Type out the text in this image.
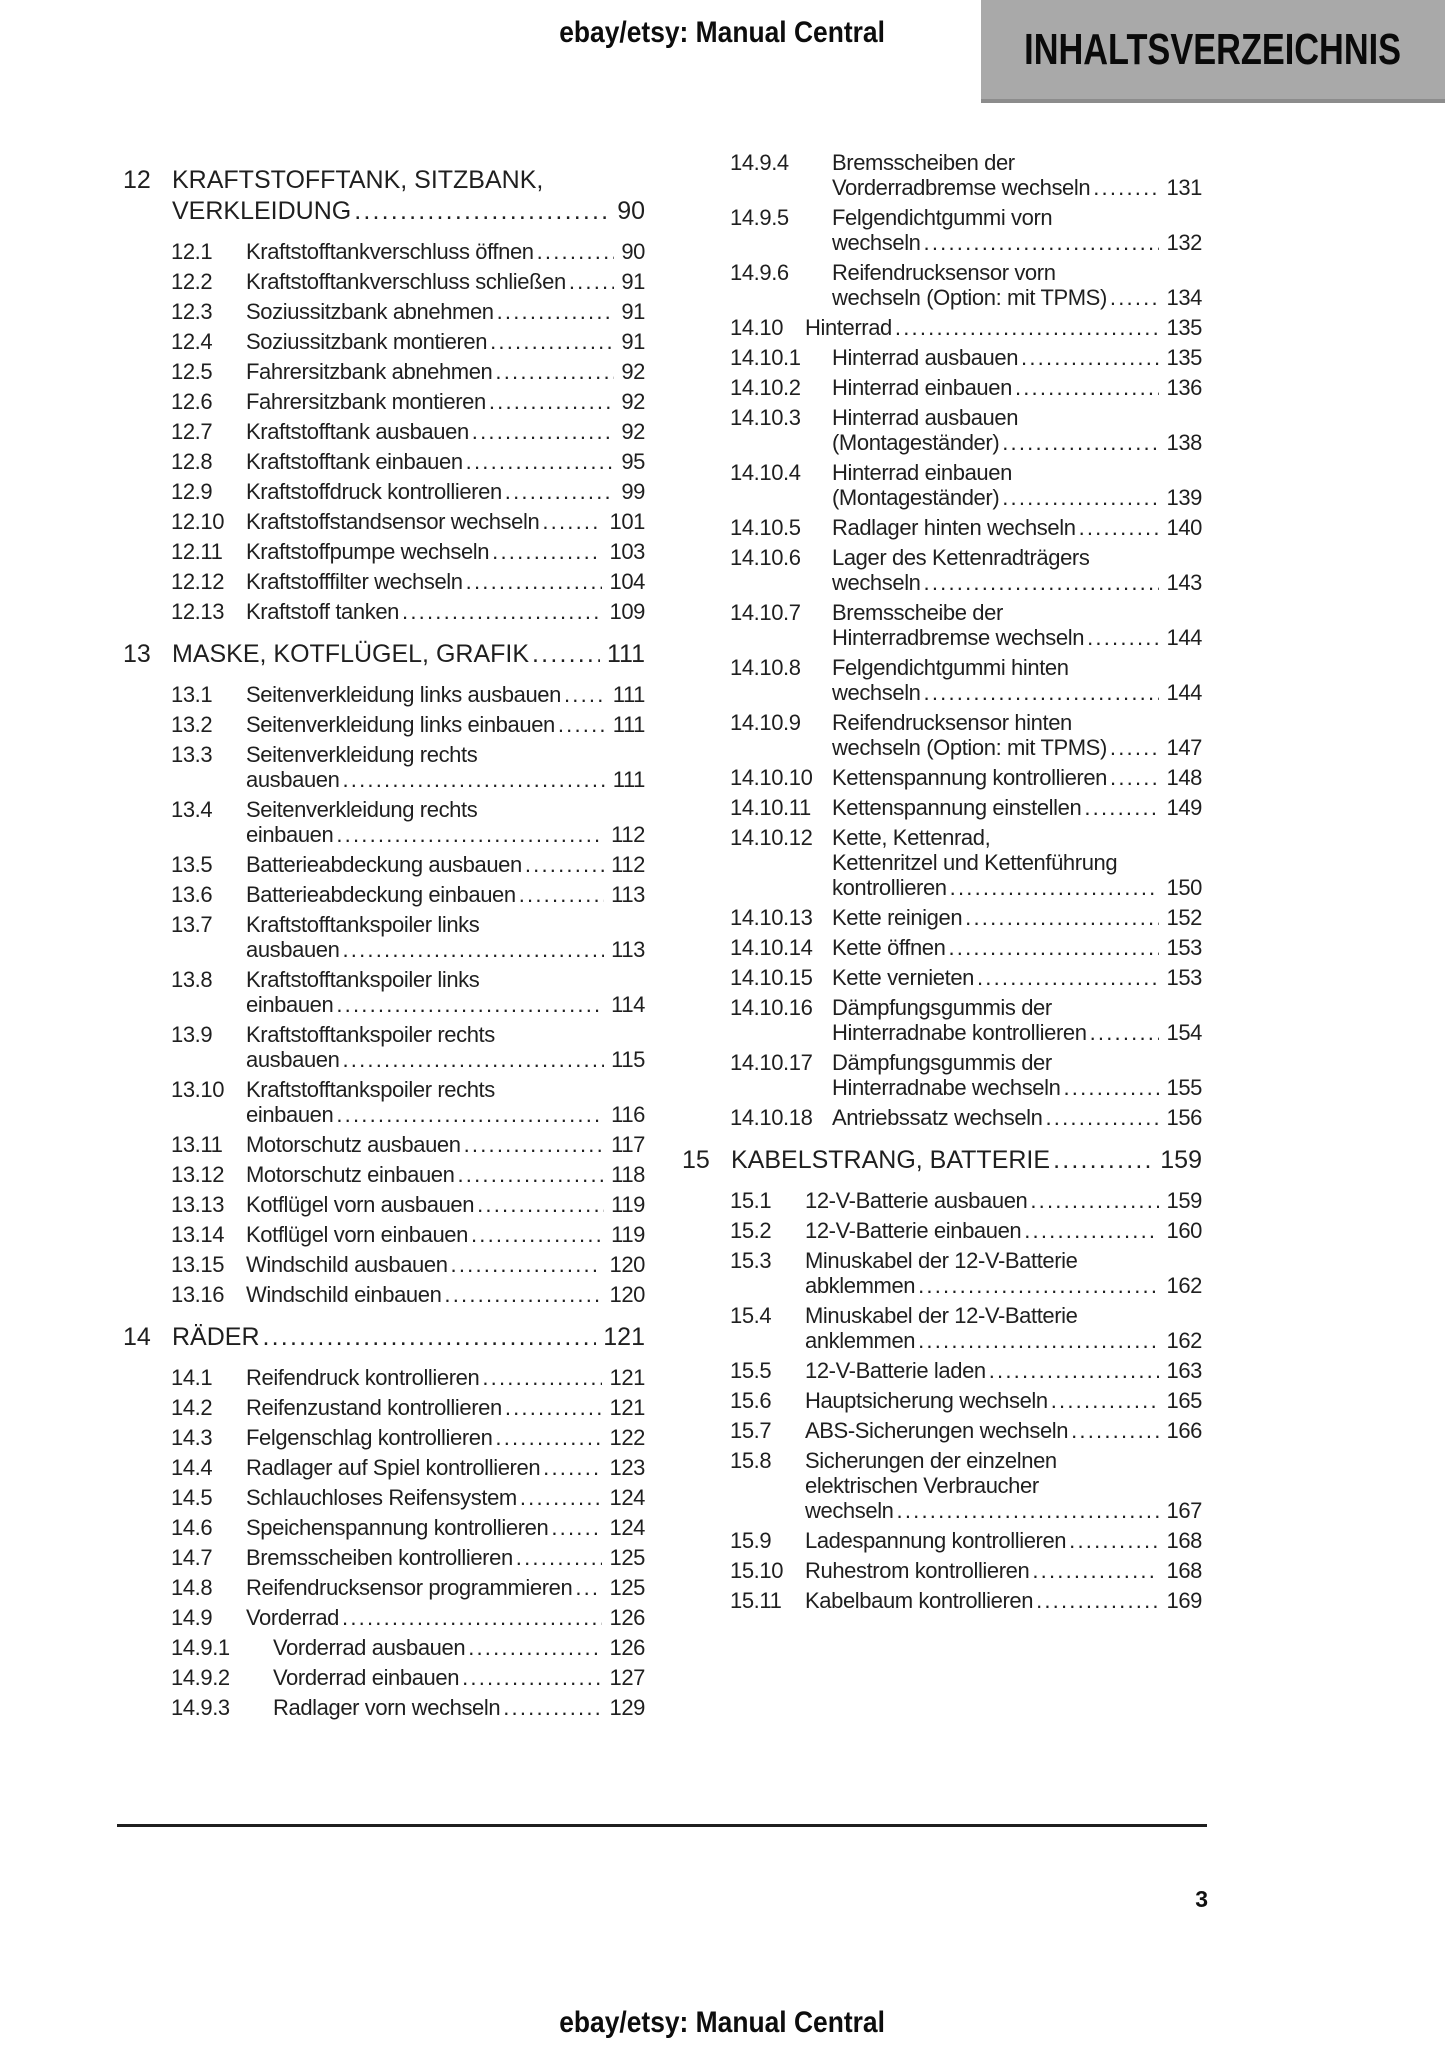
ebay/etsy: Manual Central	INHALTSVERZEICHNIS
12 KRAFTSTOFFTANK, SITZBANK,
VERKLEIDUNG .....	90
12.1	Kraftstofftankverschluss öffnen .....	90
12.2	Kraftstofftankverschluss schließen .....	91
12.3	Soziussitzbank abnehmen .....	91
12.4	Soziussitzbank montieren .....	91
12.5	Fahrersitzbank abnehmen .....	92
12.6	Fahrersitzbank montieren .....	92
12.7	Kraftstofftank ausbauen .....	92
12.8	Kraftstofftank einbauen .....	95
12.9	Kraftstoffdruck kontrollieren .....	99
12.10 Kraftstoffstandsensor wechseln .....	101
12.11	Kraftstoffpumpe wechseln .....	103
12.12 Kraftstofffilter wechseln .....	104
12.13 Kraftstoff tanken .....	109
13 MASKE, KOTFLÜGEL, GRAFIK .....	111
13.1	Seitenverkleidung links ausbauen ..... 111
13.2	Seitenverkleidung links einbauen .....	111
13.3	Seitenverkleidung rechts
ausbauen .....	111
13.4	Seitenverkleidung rechts
einbauen .....	112
13.5	Batterieabdeckung ausbauen .....	112
13.6	Batterieabdeckung einbauen .....	113
13.7	Kraftstofftankspoiler links
ausbauen .....	113
13.8	Kraftstofftankspoiler links
einbauen .....	114
13.9	Kraftstofftankspoiler rechts
ausbauen .....	115
13.10 Kraftstofftankspoiler rechts
einbauen .....	116
13.11	Motorschutz ausbauen .....	117
13.12 Motorschutz einbauen .....	118
13.13 Kotflügel vorn ausbauen .....	119
13.14 Kotflügel vorn einbauen .....	119
13.15 Windschild ausbauen .....	120
13.16 Windschild einbauen .....	120
14 RÄDER .....	121
14.1	Reifendruck kontrollieren .....	121
14.2	Reifenzustand kontrollieren .....	121
14.3	Felgenschlag kontrollieren .....	122
14.4	Radlager auf Spiel kontrollieren .....	123
14.5	Schlauchloses Reifensystem .....	124
14.6	Speichenspannung kontrollieren .....	124
14.7	Bremsscheiben kontrollieren .....	125
14.8	Reifendrucksensor programmieren ..... 125
14.9	Vorderrad .....	126
14.9.1	Vorderrad ausbauen .....	126
14.9.2	Vorderrad einbauen .....	127
14.9.3	Radlager vorn wechseln .....	129
14.9.4	Bremsscheiben der
Vorderradbremse wechseln .....	131
14.9.5	Felgendichtgummi vorn
wechseln .....	132
14.9.6	Reifendrucksensor vorn
wechseln (Option: mit TPMS) .....	134
14.10 Hinterrad .....	135
14.10.1	Hinterrad ausbauen .....	135
14.10.2	Hinterrad einbauen .....	136
14.10.3	Hinterrad ausbauen
(Montageständer) .....	138
14.10.4	Hinterrad einbauen
(Montageständer) .....	139
14.10.5	Radlager hinten wechseln .....	140
14.10.6	Lager des Kettenradträgers
wechseln .....	143
14.10.7	Bremsscheibe der
Hinterradbremse wechseln .....	144
14.10.8	Felgendichtgummi hinten
wechseln .....	144
14.10.9	Reifendrucksensor hinten
wechseln (Option: mit TPMS) .....	147
14.10.10 Kettenspannung kontrollieren .....	148
14.10.11 Kettenspannung einstellen .....	149
14.10.12 Kette, Kettenrad,
Kettenritzel und Kettenführung
kontrollieren .....	150
14.10.13 Kette reinigen .....	152
14.10.14 Kette öffnen .....	153
14.10.15 Kette vernieten .....	153
14.10.16 Dämpfungsgummis der
Hinterradnabe kontrollieren .....	154
14.10.17 Dämpfungsgummis der
Hinterradnabe wechseln .....	155
14.10.18 Antriebssatz wechseln .....	156
15 KABELSTRANG, BATTERIE .....	159
15.1	12-V-Batterie ausbauen .....	159
15.2	12-V-Batterie einbauen .....	160
15.3	Minuskabel der 12-V-Batterie
abklemmen .....	162
15.4	Minuskabel der 12-V-Batterie
anklemmen .....	162
15.5	12-V-Batterie laden .....	163
15.6	Hauptsicherung wechseln .....	165
15.7	ABS-Sicherungen wechseln .....	166
15.8	Sicherungen der einzelnen
elektrischen Verbraucher
wechseln .....	167
15.9	Ladespannung kontrollieren .....	168
15.10 Ruhestrom kontrollieren .....	168
15.11	Kabelbaum kontrollieren .....	169
3
ebay/etsy: Manual Central
